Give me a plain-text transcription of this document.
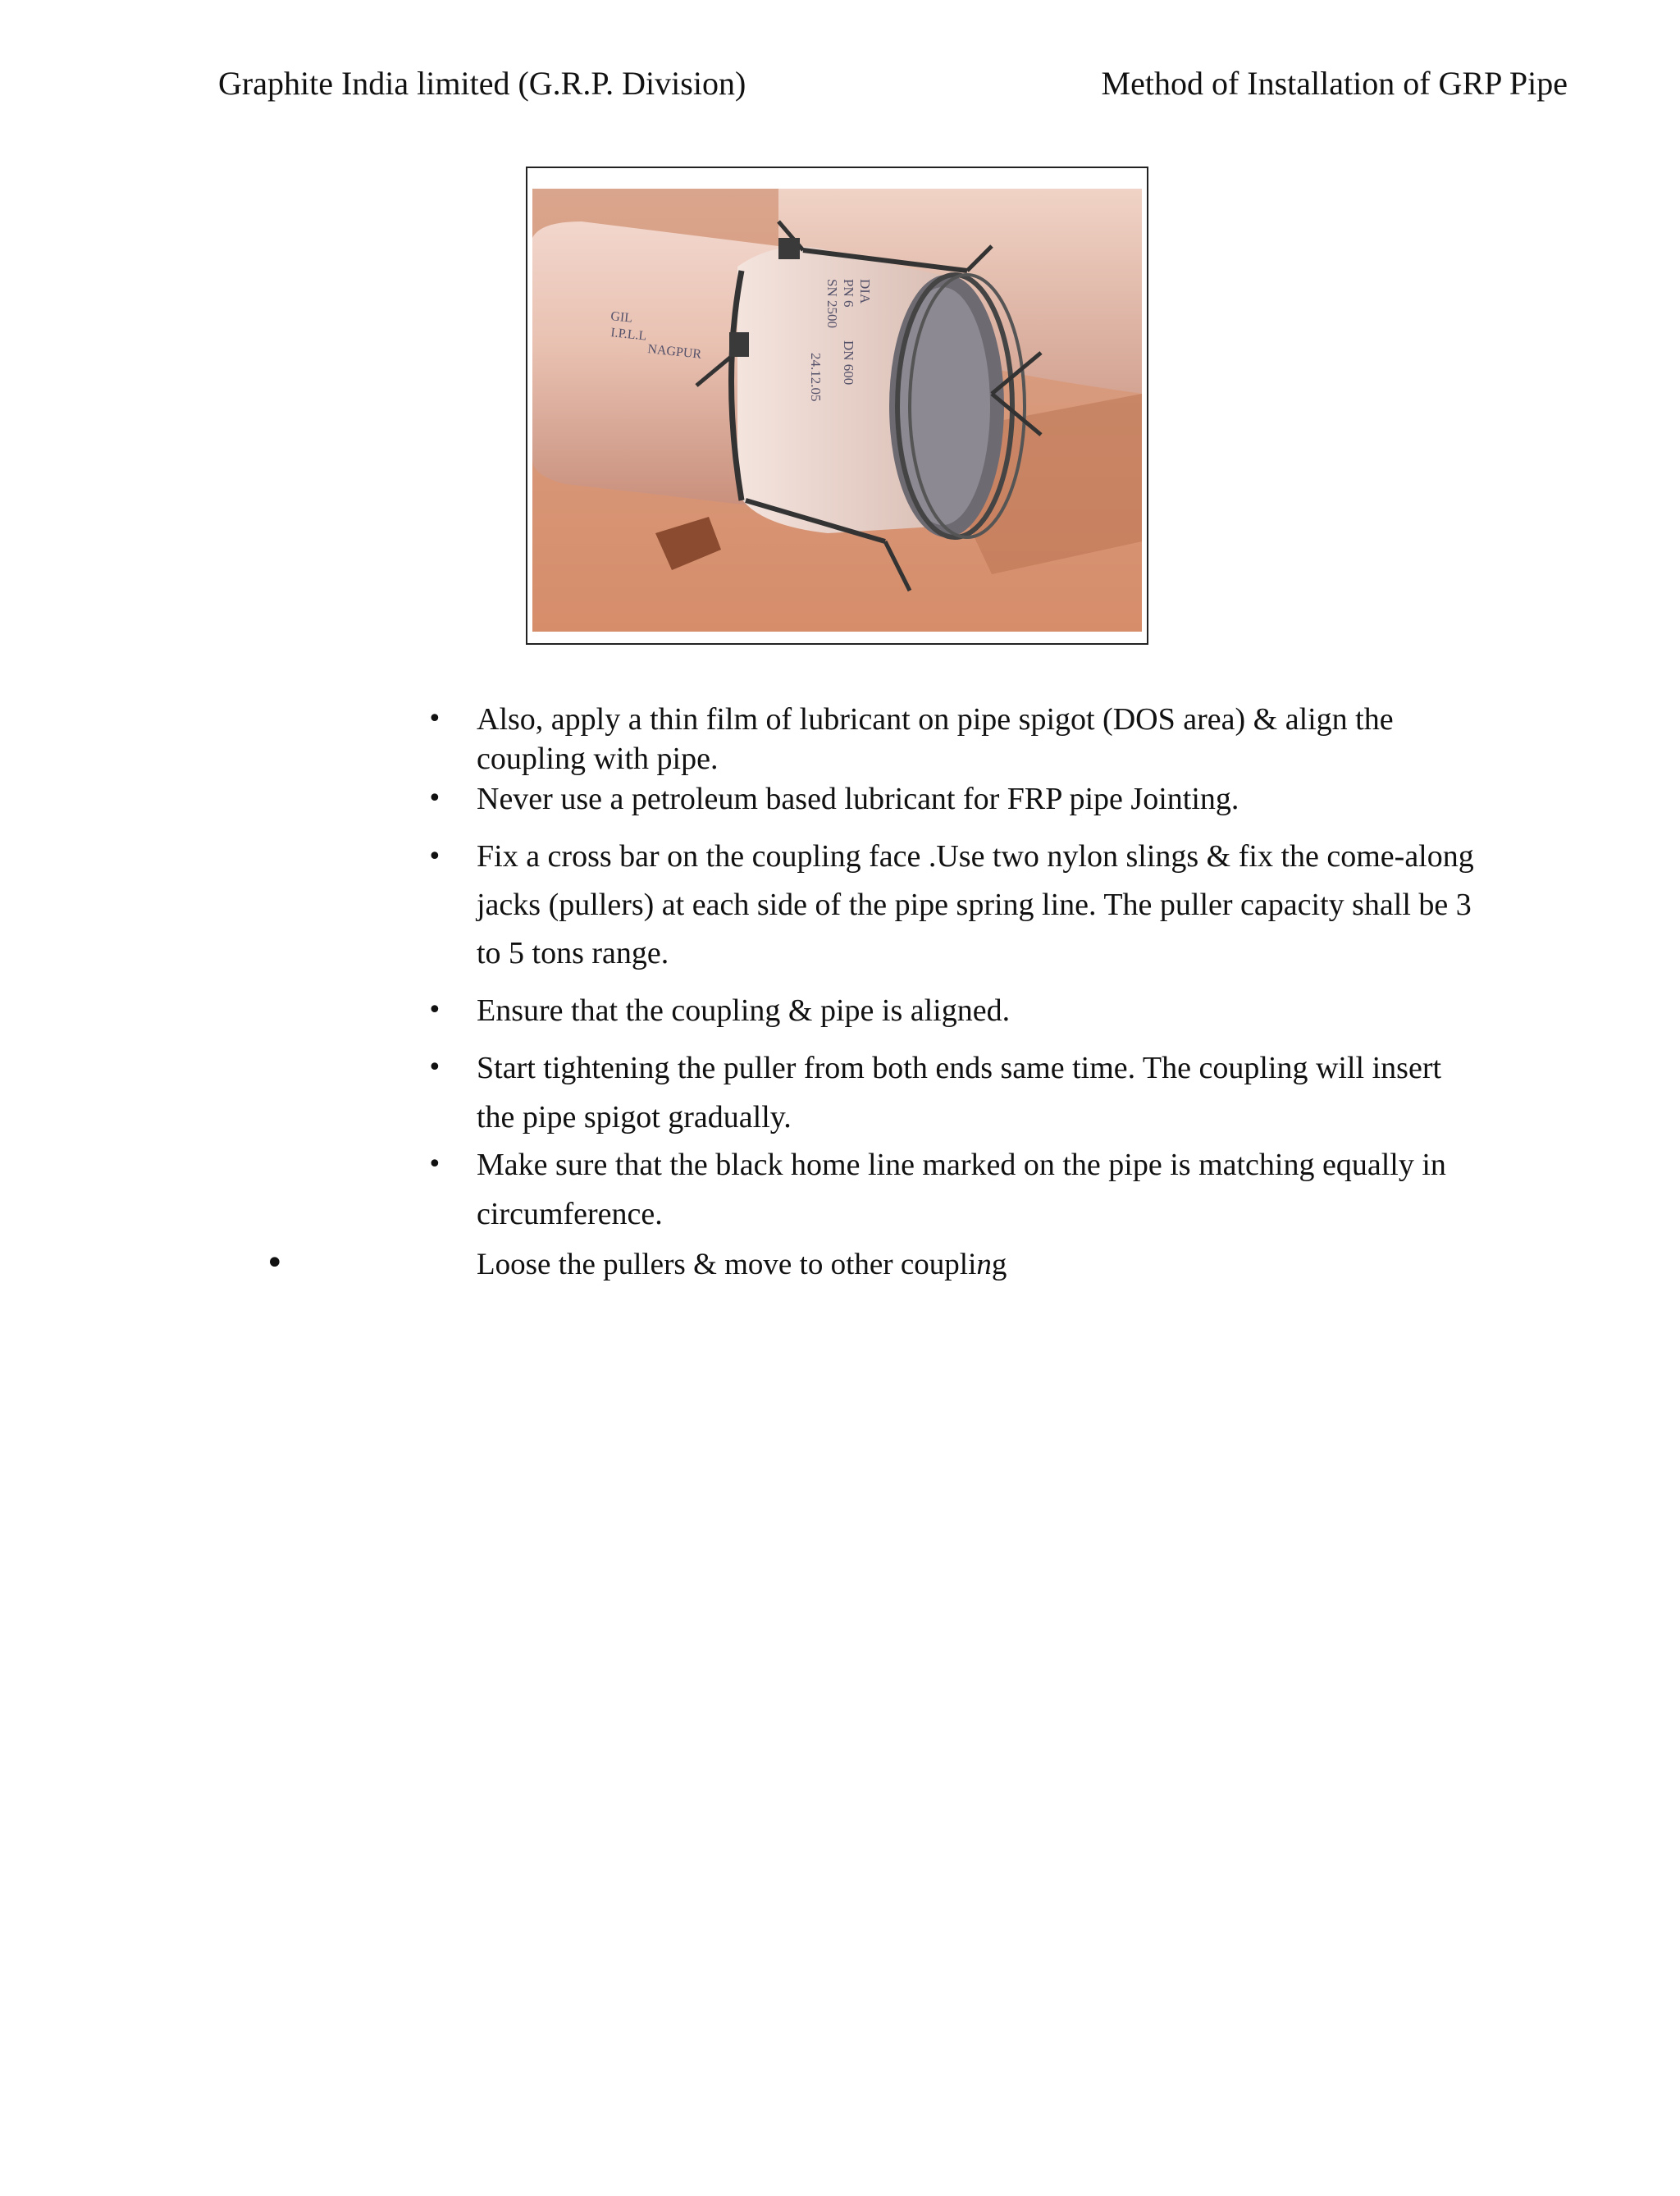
Graphite India limited (G.R.P. Division)	Method of Installation of GRP Pipe
GIL
I.P.L.L
NAGPUR
DIA
DN 600
PN 6
SN 2500
24.12.05
• Also, apply a thin film of lubricant on pipe spigot (DOS area) & align the coupling with pipe.
• Never use a petroleum based lubricant for FRP pipe Jointing.
• Fix a cross bar on the coupling face .Use two nylon slings & fix the come-along jacks (pullers) at each side of the pipe spring line. The puller capacity shall be 3 to 5 tons range.
• Ensure that the coupling & pipe is aligned.
• Start tightening the puller from both ends same time. The coupling will insert the pipe spigot gradually.
• Make sure that the black home line marked on the pipe is matching equally in circumference.
•	Loose the pullers & move to other coupling
